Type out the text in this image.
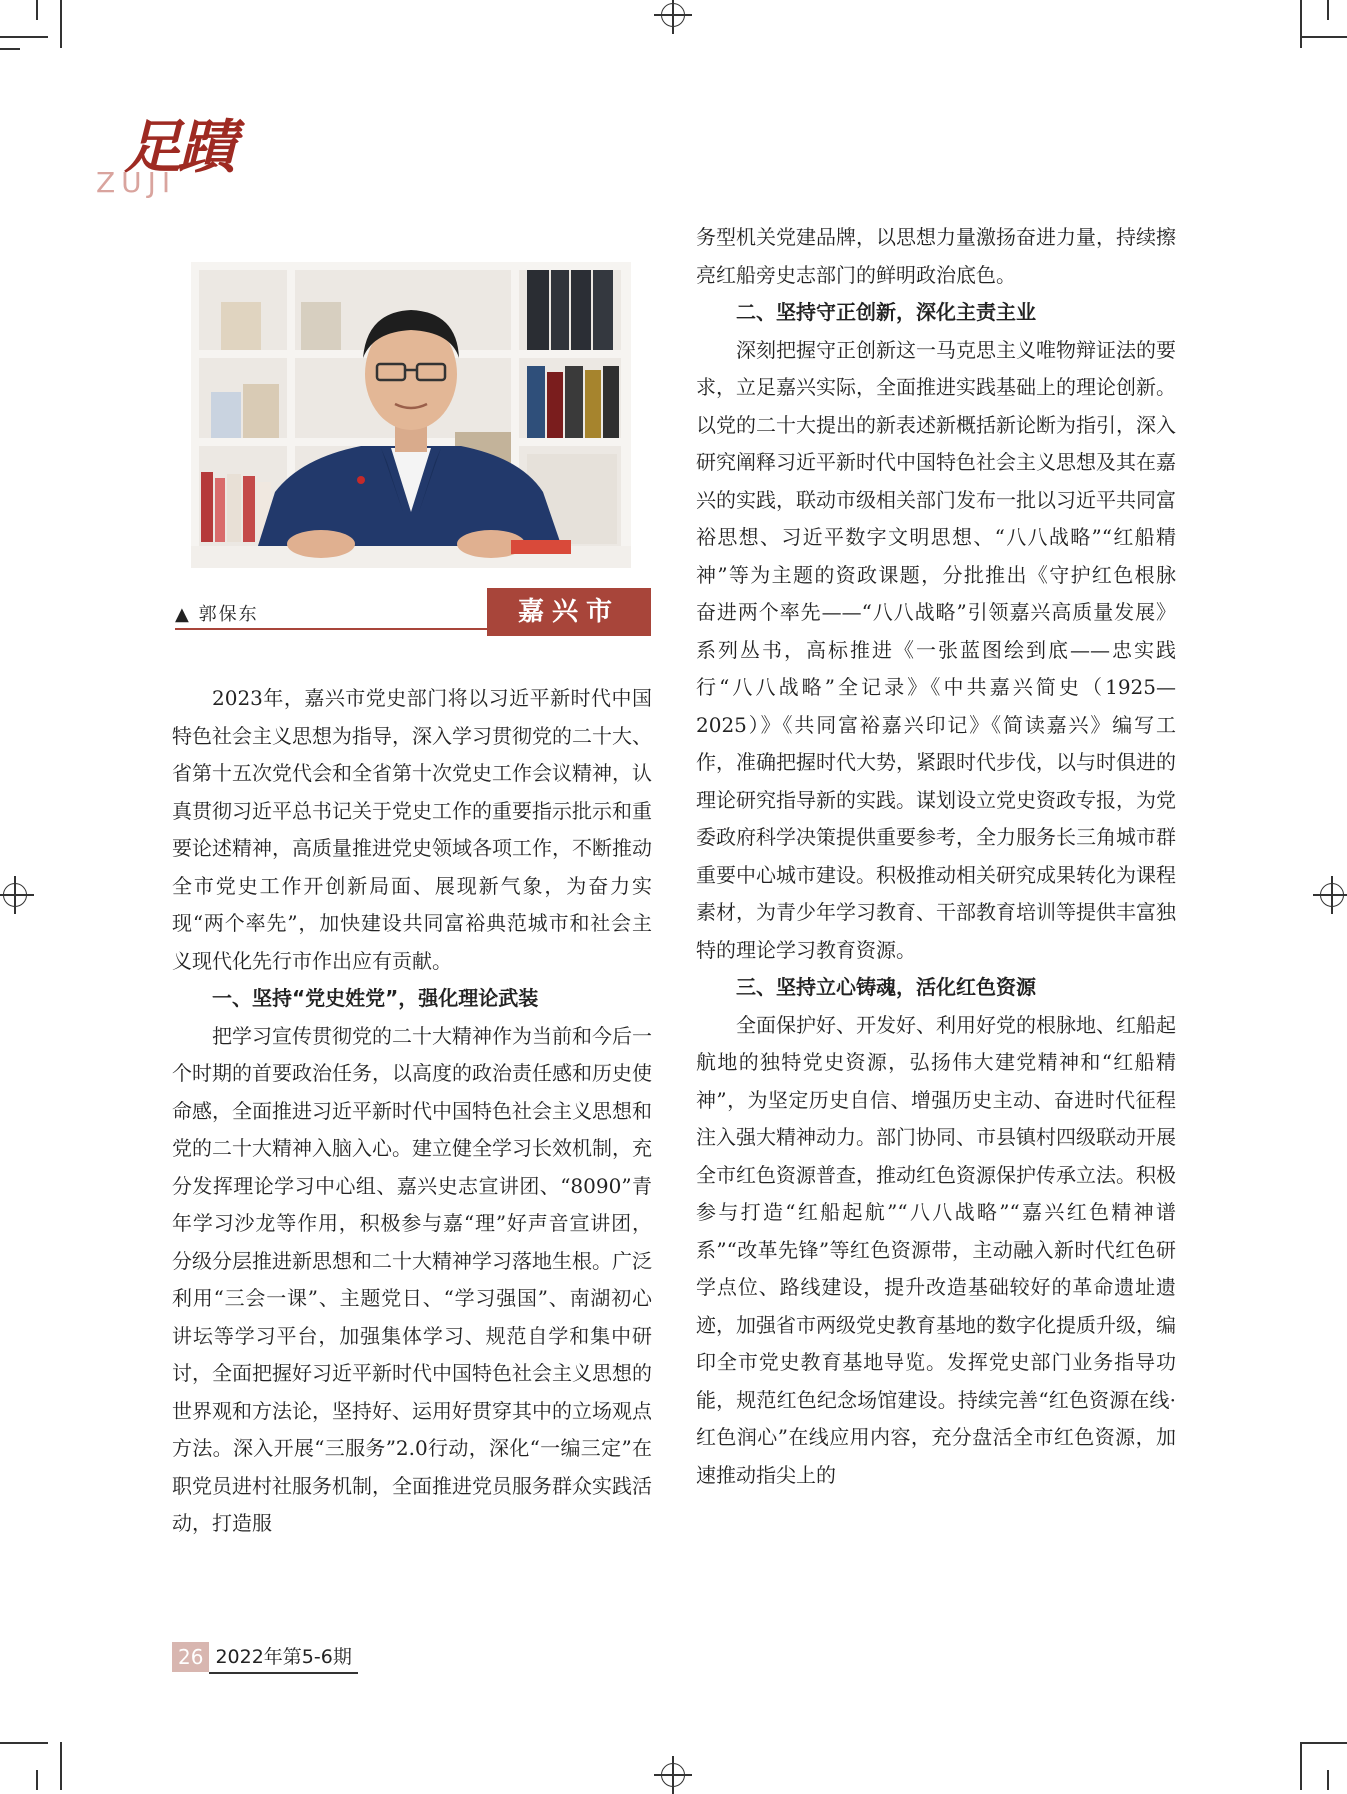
足蹟
ZUJI
▲ 郭保东	嘉兴市

2023年，嘉兴市党史部门将以习近平新时代中国特色社会主义思想为指导，深入学习贯彻党的二十大、省第十五次党代会和全省第十次党史工作会议精神，认真贯彻习近平总书记关于党史工作的重要指示批示和重要论述精神，高质量推进党史领域各项工作，不断推动全市党史工作开创新局面、展现新气象，为奋力实现“两个率先”，加快建设共同富裕典范城市和社会主义现代化先行市作出应有贡献。

一、坚持“党史姓党”，强化理论武装

把学习宣传贯彻党的二十大精神作为当前和今后一个时期的首要政治任务，以高度的政治责任感和历史使命感，全面推进习近平新时代中国特色社会主义思想和党的二十大精神入脑入心。建立健全学习长效机制，充分发挥理论学习中心组、嘉兴史志宣讲团、“8090”青年学习沙龙等作用，积极参与嘉“理”好声音宣讲团，分级分层推进新思想和二十大精神学习落地生根。广泛利用“三会一课”、主题党日、“学习强国”、南湖初心讲坛等学习平台，加强集体学习、规范自学和集中研讨，全面把握好习近平新时代中国特色社会主义思想的世界观和方法论，坚持好、运用好贯穿其中的立场观点方法。深入开展“三服务”2.0行动，深化“一编三定”在职党员进村社服务机制，全面推进党员服务群众实践活动，打造服

务型机关党建品牌，以思想力量激扬奋进力量，持续擦亮红船旁史志部门的鲜明政治底色。

二、坚持守正创新，深化主责主业

深刻把握守正创新这一马克思主义唯物辩证法的要求，立足嘉兴实际，全面推进实践基础上的理论创新。以党的二十大提出的新表述新概括新论断为指引，深入研究阐释习近平新时代中国特色社会主义思想及其在嘉兴的实践，联动市级相关部门发布一批以习近平共同富裕思想、习近平数字文明思想、“八八战略”“红船精神”等为主题的资政课题，分批推出《守护红色根脉　奋进两个率先——“八八战略”引领嘉兴高质量发展》系列丛书，高标推进《一张蓝图绘到底——忠实践行“八八战略”全记录》《中共嘉兴简史（1925—2025）》《共同富裕嘉兴印记》《简读嘉兴》编写工作，准确把握时代大势，紧跟时代步伐，以与时俱进的理论研究指导新的实践。谋划设立党史资政专报，为党委政府科学决策提供重要参考，全力服务长三角城市群重要中心城市建设。积极推动相关研究成果转化为课程素材，为青少年学习教育、干部教育培训等提供丰富独特的理论学习教育资源。

三、坚持立心铸魂，活化红色资源

全面保护好、开发好、利用好党的根脉地、红船起航地的独特党史资源，弘扬伟大建党精神和“红船精神”，为坚定历史自信、增强历史主动、奋进时代征程注入强大精神动力。部门协同、市县镇村四级联动开展全市红色资源普查，推动红色资源保护传承立法。积极参与打造“红船起航”“八八战略”“嘉兴红色精神谱系”“改革先锋”等红色资源带，主动融入新时代红色研学点位、路线建设，提升改造基础较好的革命遗址遗迹，加强省市两级党史教育基地的数字化提质升级，编印全市党史教育基地导览。发挥党史部门业务指导功能，规范红色纪念场馆建设。持续完善“红色资源在线·红色润心”在线应用内容，充分盘活全市红色资源，加速推动指尖上的

26 2022年第5-6期
